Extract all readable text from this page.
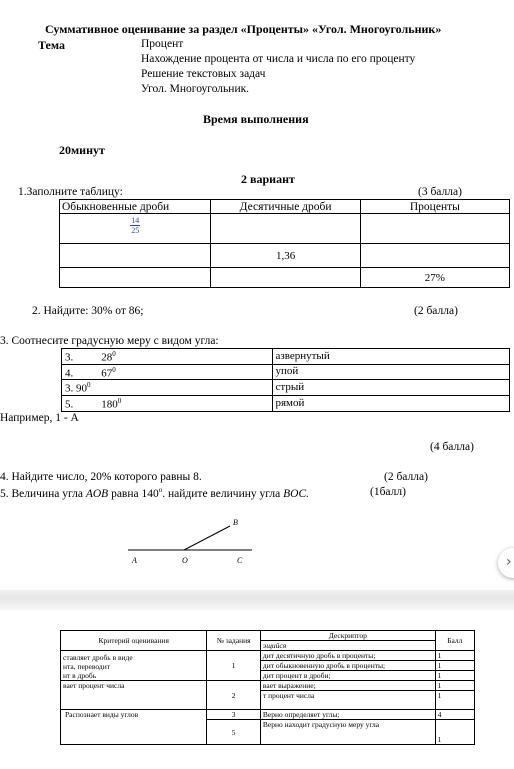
Суммативное оценивание за раздел «Проценты» «Угол. Многоугольник»
Тема	Процент
Нахождение процента от числа и числа по его проценту
Решение текстовых задач
Угол. Многоугольник.
Время выполнения
20минут
2 вариант
1.Заполните таблицу:	(3 балла)
Обыкновенные дроби	Десятичные дроби	Проценты

$\frac{14}{25}$		
	1,36	
		27%
2. Найдите: 30% от 86;	(2 балла)
3. Соотнесите градусную меру с видом угла:
3. $28^0$	азвернутый
4. $67^0$	упой
3. $90^0$	стрый
5. $180^0$	рямой
Например, 1 - А
(4 балла)
4. Найдите число, 20% которого равны 8.	(2 балла)
5. Величина угла AOB равна $140^о$. найдите величину угла BOC.	(1балл)
A	O	C
B
›
Критерий оценивания	№ задания	Дескриптор	Балл
		эщийся	
ставляет дробь в виде
нта, переводит
нт в дробь	1	дит десятичную дробь в проценты;	1
		дит обыкновенную дробь в проценты;	1
		дит процент в дроби;	1
вает процент числа	2	вает выражение;	1
		т процент числа	1
Распознает виды углов	3	Верно определяет углы;	4
	5	Верно находит градусную меру угла	1
